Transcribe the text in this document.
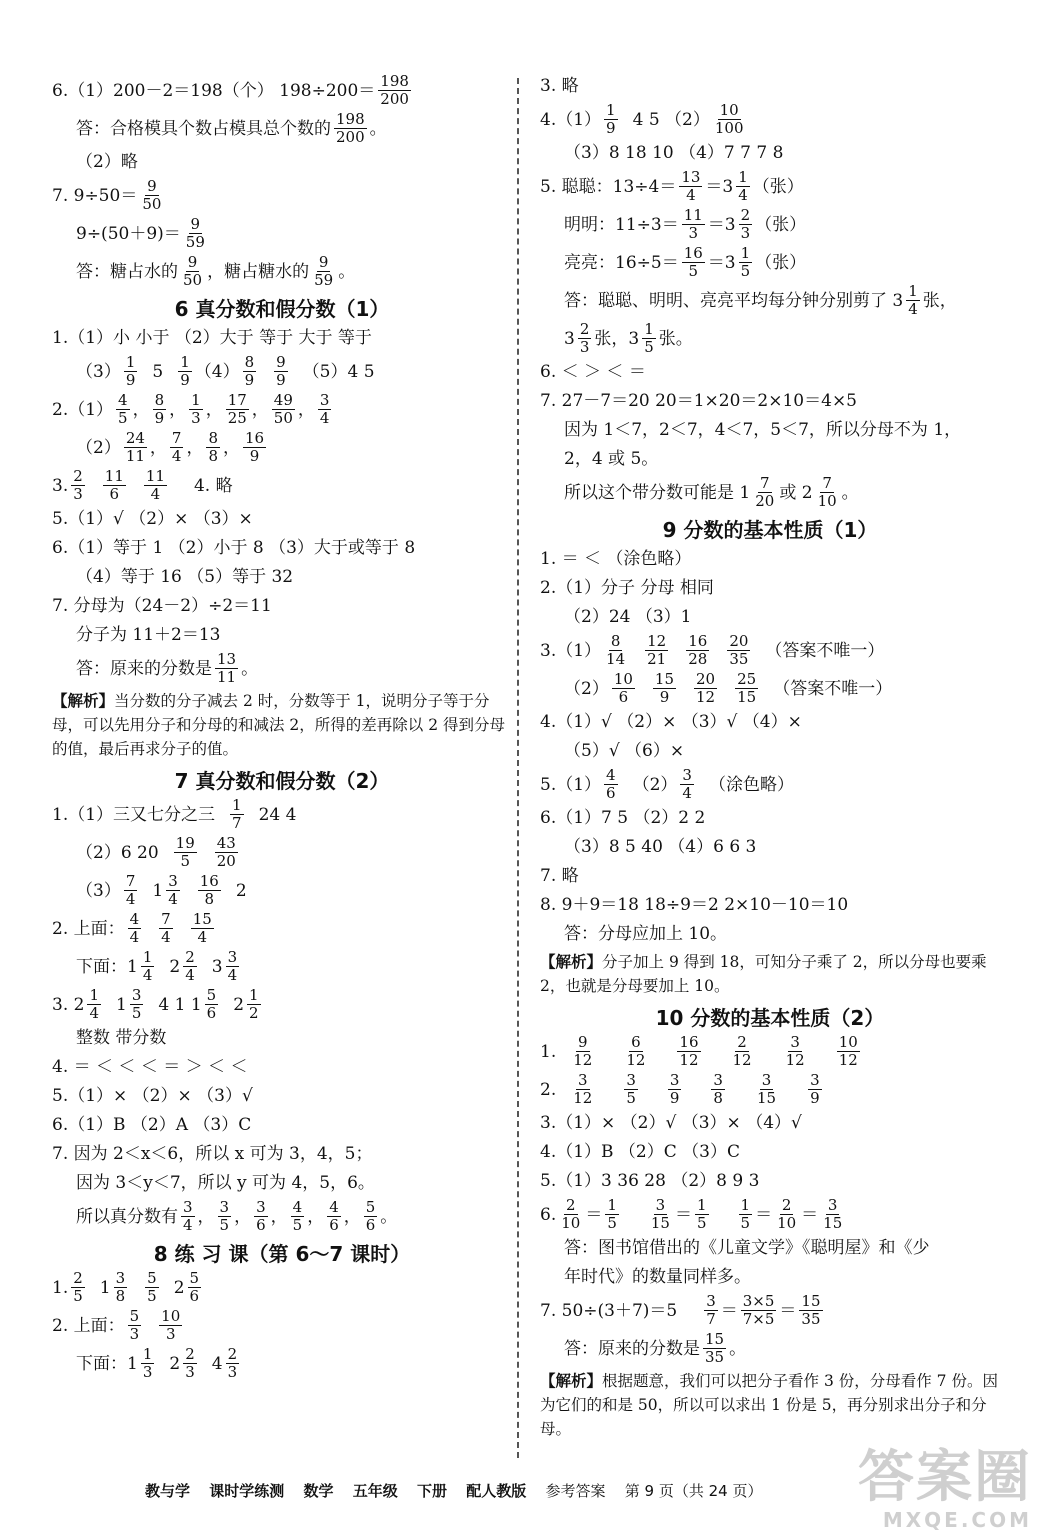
6.（1）200－2＝198（个） $198\div 200= \frac{198}{200}$
答：合格模具个数占模具总个数的 $\frac{198}{200}$ 。
（2）略
7. $9\div 50= \frac{9}{50}$
$9\div(50+9)= \frac{9}{59}$
答：糖占水的 $\frac{9}{50}$ ，糖占糖水的 $\frac{9}{59}$ 。
6 真分数和假分数（1）
1.（1）小 小于 （2）大于 等于 大于 等于
$(3) \frac{1}{9} 5 \frac{1}{9} (4) \frac{8}{9} \frac{9}{9} (5)4$ 5
$2.(1) \frac{4}{5}$ ， $\frac{8}{9}$ ， $\frac{1}{3}$ ， $\frac{17}{25}$ ， $\frac{49}{50}$ ， $\frac{3}{4}$
$(2) \frac{24}{11}$ ， $\frac{7}{4}$ ， $\frac{8}{8}$ ， $\frac{16}{9}$
3. $\frac{2}{3} \frac{11}{6} \frac{11}{4} 4$. 略
5.（1）√ （2）× （3）×
6.（1）等于 1 （2）小于 8 （3）大于或等于 8
（4）等于 16 （5）等于 32
7. 分母为（24－2）÷2＝11
分子为 11＋2＝13
答：原来的分数是 $\frac{13}{11}$ 。
【解析】当分数的分子减去 2 时，分数等于 1，说明分子等于分母，可以先用分子和分母的和减法 2，所得的差再除以 2 得到分母的值，最后再求分子的值。
7 真分数和假分数（2）
1.（1）三又七分之三 $\frac{1}{7} 24$ 4
（2）6 $20 \frac{19}{5} \frac{43}{20}$
$(3) \frac{7}{4} 1 \frac{3}{4} \frac{16}{8} 2$
2. 上面： $\frac{4}{4} \frac{7}{4} \frac{15}{4}$
下面：$1 \frac{1}{4} 2 \frac{2}{4} 3 \frac{3}{4}$
3. $2 \frac{1}{4} 1 \frac{3}{5} 4$ 1 $1 \frac{5}{6} 2 \frac{1}{2}$
整数 带分数
4. ＝ ＜ ＜ ＜ ＝ ＞ ＜ ＜
5.（1）× （2）× （3）√
6.（1）B （2）A （3）C
7. 因为 2＜x＜6，所以 x 可为 3，4，5；
因为 3＜y＜7，所以 y 可为 4，5，6。
所以真分数有 $\frac{3}{4}$ ， $\frac{3}{5}$ ， $\frac{3}{6}$ ， $\frac{4}{5}$ ， $\frac{4}{6}$ ， $\frac{5}{6}$ 。
8 练 习 课（第 6～7 课时）
1. $\frac{2}{5} 1 \frac{3}{8} \frac{5}{5} 2 \frac{5}{6}$
2. 上面： $\frac{5}{3} \frac{10}{3}$
下面：$1 \frac{1}{3} 2 \frac{2}{3} 4 \frac{2}{3}$
3. 略
$4.(1) \frac{1}{9} 4$ 5 $(2) \frac{10}{100}$
（3）8 18 10 （4）7 7 7 8
5. 聪聪：$13\div 4= \frac{13}{4} =3 \frac{1}{4}$ （张）
明明：$11\div 3= \frac{11}{3} =3 \frac{2}{3}$ （张）
亮亮：$16\div 5= \frac{16}{5} =3 \frac{1}{5}$ （张）
答：聪聪、明明、亮亮平均每分钟分别剪了 $3 \frac{1}{4}$ 张，
$3 \frac{2}{3}$ 张，$3 \frac{1}{5}$ 张。
6. ＜ ＞ ＜ ＝
7. 27－7＝20 20＝1×20＝2×10＝4×5
因为 1＜7，2＜7，4＜7，5＜7，所以分母不为 1，
2，4 或 5。
所以这个带分数可能是 $1 \frac{7}{20}$ 或 $2 \frac{7}{10}$ 。
9 分数的基本性质（1）
1. ＝ ＜ （涂色略）
2.（1）分子 分母 相同
（2）24 （3）1
$3.(1) \frac{8}{14} \frac{12}{21} \frac{16}{28} \frac{20}{35}$ （答案不唯一）
$(2) \frac{10}{6} \frac{15}{9} \frac{20}{12} \frac{25}{15}$ （答案不唯一）
4.（1）√ （2）× （3）√ （4）×
（5）√ （6）×
$5.(1) \frac{4}{6} (2) \frac{3}{4}$ （涂色略）
6.（1）7 5 （2）2 2
（3）8 5 40 （4）6 6 3
7. 略
8. 9＋9＝18 18÷9＝2 2×10－10＝10
答：分母应加上 10。
【解析】分子加上 9 得到 18，可知分子乘了 2，所以分母也要乘 2，也就是分母要加上 10。
10 分数的基本性质（2）
1. $\frac{9}{12} \frac{6}{12} \frac{16}{12} \frac{2}{12} \frac{3}{12} \frac{10}{12}$
2. $\frac{3}{12} \frac{3}{5} \frac{3}{9} \frac{3}{8} \frac{3}{15} \frac{3}{9}$
3.（1）× （2）√ （3）× （4）√
4.（1）B （2）C （3）C
5.（1）3 36 28 （2）8 9 3
6. $\frac{2}{10} = \frac{1}{5} \frac{3}{15} = \frac{1}{5} \frac{1}{5} = \frac{2}{10} = \frac{3}{15}$
答：图书馆借出的《儿童文学》《聪明屋》和《少
年时代》的数量同样多。
7. $50\div(3+7)=5 \frac{3}{7} = \frac{3\times 5}{7\times 5} = \frac{15}{35}$
答：原来的分数是 $\frac{15}{35}$ 。
【解析】根据题意，我们可以把分子看作 3 份，分母看作 7 份。因为它们的和是 50，所以可以求出 1 份是 5，再分别求出分子和分母。
教与学 课时学练测 数学 五年级 下册 配人教版 参考答案 第 9 页（共 24 页） 答案圈
MXQE.COM
